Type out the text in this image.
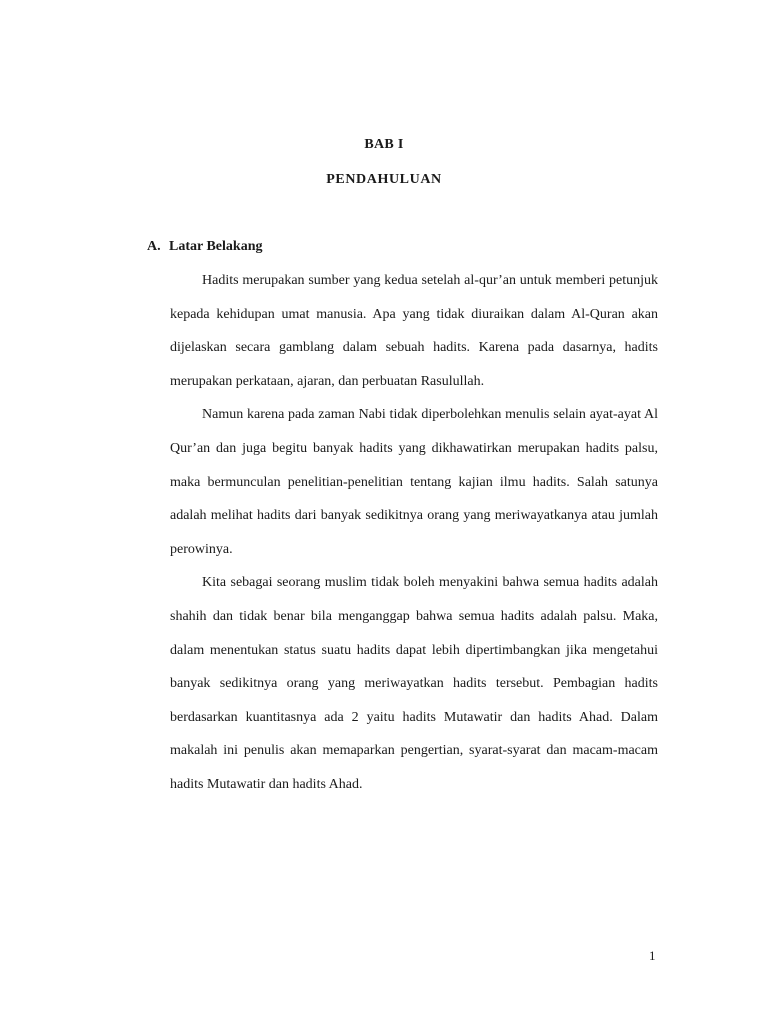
BAB I
PENDAHULUAN
A. Latar Belakang

Hadits merupakan sumber yang kedua setelah al-qur’an untuk memberi petunjuk kepada kehidupan umat manusia. Apa yang tidak diuraikan dalam Al-Quran akan dijelaskan secara gamblang dalam sebuah hadits. Karena pada dasarnya, hadits merupakan perkataan, ajaran, dan perbuatan Rasulullah.

Namun karena pada zaman Nabi tidak diperbolehkan menulis selain ayat-ayat Al Qur’an dan juga begitu banyak hadits yang dikhawatirkan merupakan hadits palsu, maka bermunculan penelitian-penelitian tentang kajian ilmu hadits. Salah satunya adalah melihat hadits dari banyak sedikitnya orang yang meriwayatkanya atau jumlah perowinya.

Kita sebagai seorang muslim tidak boleh menyakini bahwa semua hadits adalah shahih dan tidak benar bila menganggap bahwa semua hadits adalah palsu. Maka, dalam menentukan status suatu hadits dapat lebih dipertimbangkan jika mengetahui banyak sedikitnya orang yang meriwayatkan hadits tersebut. Pembagian hadits berdasarkan kuantitasnya ada 2 yaitu hadits Mutawatir dan hadits Ahad. Dalam makalah ini penulis akan memaparkan pengertian, syarat-syarat dan macam-macam hadits Mutawatir dan hadits Ahad.

1
